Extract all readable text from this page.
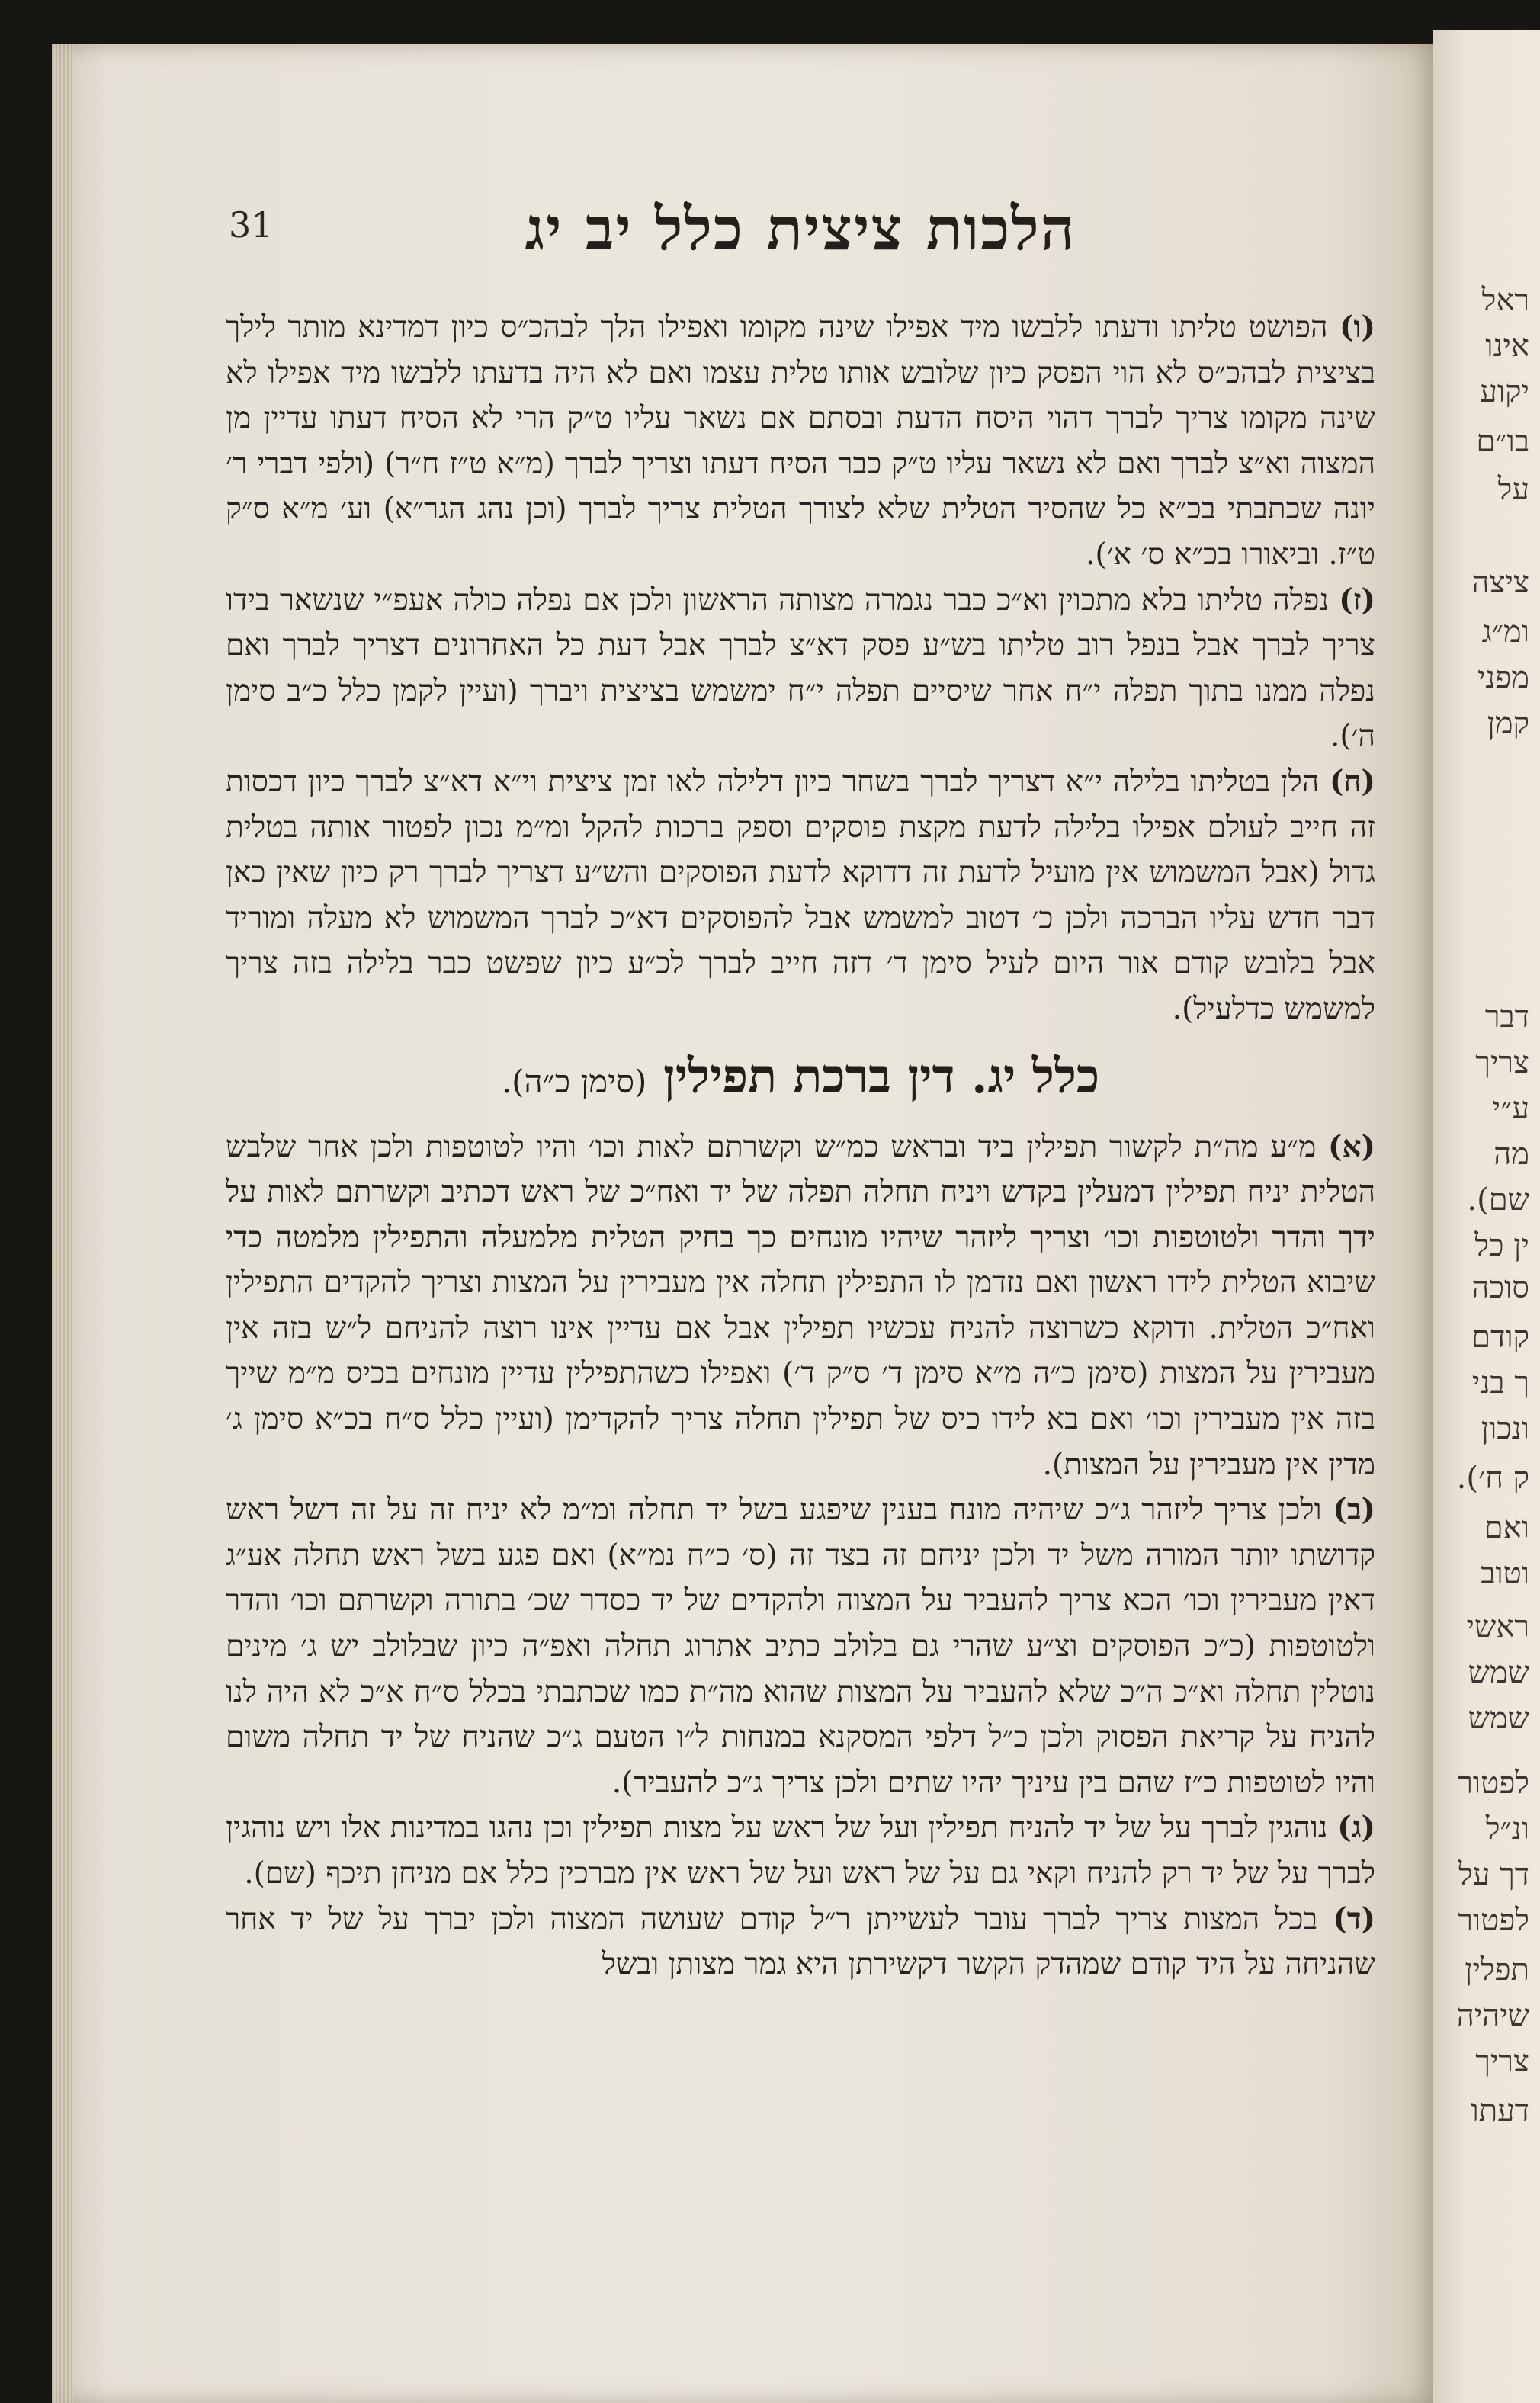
ראל
אינו
יקוע
בו״ם
על
ציצה
ומ״ג
מפני
קמן
דבר
צריך
ע״י
מה
שם).
ין כל
סוכה
קודם
ך בני
ונכון
ק ח׳).
ואם
וטוב
ראשי
שמש
שמש
לפטור
ונ״ל
דך על
לפטור
תפלין
שיהיה
צריך
דעתו
31	הלכות ציצית כלל יב יג

(ו) הפושט טליתו ודעתו ללבשו מיד אפילו שינה מקומו ואפילו הלך לבהכ״ס כיון דמדינא מותר לילך בציצית לבהכ״ס לא הוי הפסק כיון שלובש אותו טלית עצמו ואם לא היה בדעתו ללבשו מיד אפילו לא שינה מקומו צריך לברך דהוי היסח הדעת ובסתם אם נשאר עליו ט״ק הרי לא הסיח דעתו עדיין מן המצוה וא״צ לברך ואם לא נשאר עליו ט״ק כבר הסיח דעתו וצריך לברך (מ״א ט״ז ח״ר) (ולפי דברי ר׳ יונה שכתבתי בכ״א כל שהסיר הטלית שלא לצורך הטלית צריך לברך (וכן נהג הגר״א) וע׳ מ״א ס״ק ט״ז. וביאורו בכ״א ס׳ א׳).

(ז) נפלה טליתו בלא מתכוין וא״כ כבר נגמרה מצותה הראשון ולכן אם נפלה כולה אעפ״י שנשאר בידו צריך לברך אבל בנפל רוב טליתו בש״ע פסק דא״צ לברך אבל דעת כל האחרונים דצריך לברך ואם נפלה ממנו בתוך תפלה י״ח אחר שיסיים תפלה י״ח ימשמש בציצית ויברך (ועיין לקמן כלל כ״ב סימן ה׳).

(ח) הלן בטליתו בלילה י״א דצריך לברך בשחר כיון דלילה לאו זמן ציצית וי״א דא״צ לברך כיון דכסות זה חייב לעולם אפילו בלילה לדעת מקצת פוסקים וספק ברכות להקל ומ״מ נכון לפטור אותה בטלית גדול (אבל המשמוש אין מועיל לדעת זה דדוקא לדעת הפוסקים והש״ע דצריך לברך רק כיון שאין כאן דבר חדש עליו הברכה ולכן כ׳ דטוב למשמש אבל להפוסקים דא״כ לברך המשמוש לא מעלה ומוריד אבל בלובש קודם אור היום לעיל סימן ד׳ דזה חייב לברך לכ״ע כיון שפשט כבר בלילה בזה צריך למשמש כדלעיל).

כלל יג. דין ברכת תפילין (סימן כ״ה).

(א) מ״ע מה״ת לקשור תפילין ביד ובראש כמ״ש וקשרתם לאות וכו׳ והיו לטוטפות ולכן אחר שלבש הטלית יניח תפילין דמעלין בקדש ויניח תחלה תפלה של יד ואח״כ של ראש דכתיב וקשרתם לאות על ידך והדר ולטוטפות וכו׳ וצריך ליזהר שיהיו מונחים כך בחיק הטלית מלמעלה והתפילין מלמטה כדי שיבוא הטלית לידו ראשון ואם נזדמן לו התפילין תחלה אין מעבירין על המצות וצריך להקדים התפילין ואח״כ הטלית. ודוקא כשרוצה להניח עכשיו תפילין אבל אם עדיין אינו רוצה להניחם ל״ש בזה אין מעבירין על המצות (סימן כ״ה מ״א סימן ד׳ ס״ק ד׳) ואפילו כשהתפילין עדיין מונחים בכיס מ״מ שייך בזה אין מעבירין וכו׳ ואם בא לידו כיס של תפילין תחלה צריך להקדימן (ועיין כלל ס״ח בכ״א סימן ג׳ מדין אין מעבירין על המצות).

(ב) ולכן צריך ליזהר ג״כ שיהיה מונח בענין שיפגע בשל יד תחלה ומ״מ לא יניח זה על זה דשל ראש קדושתו יותר המורה משל יד ולכן יניחם זה בצד זה (ס׳ כ״ח נמ״א) ואם פגע בשל ראש תחלה אע״ג דאין מעבירין וכו׳ הכא צריך להעביר על המצוה ולהקדים של יד כסדר שכ׳ בתורה וקשרתם וכו׳ והדר ולטוטפות (כ״כ הפוסקים וצ״ע שהרי גם בלולב כתיב אתרוג תחלה ואפ״ה כיון שבלולב יש ג׳ מינים נוטלין תחלה וא״כ ה״כ שלא להעביר על המצות שהוא מה״ת כמו שכתבתי בכלל ס״ח א״כ לא היה לנו להניח על קריאת הפסוק ולכן כ״ל דלפי המסקנא במנחות ל״ו הטעם ג״כ שהניח של יד תחלה משום והיו לטוטפות כ״ז שהם בין עיניך יהיו שתים ולכן צריך ג״כ להעביר).

(ג) נוהגין לברך על של יד להניח תפילין ועל של ראש על מצות תפילין וכן נהגו במדינות אלו ויש נוהגין לברך על של יד רק להניח וקאי גם על של ראש ועל של ראש אין מברכין כלל אם מניחן תיכף (שם).

(ד) בכל המצות צריך לברך עובר לעשייתן ר״ל קודם שעושה המצוה ולכן יברך על של יד אחר שהניחה על היד קודם שמהדק הקשר דקשירתן היא גמר מצותן ובשל
